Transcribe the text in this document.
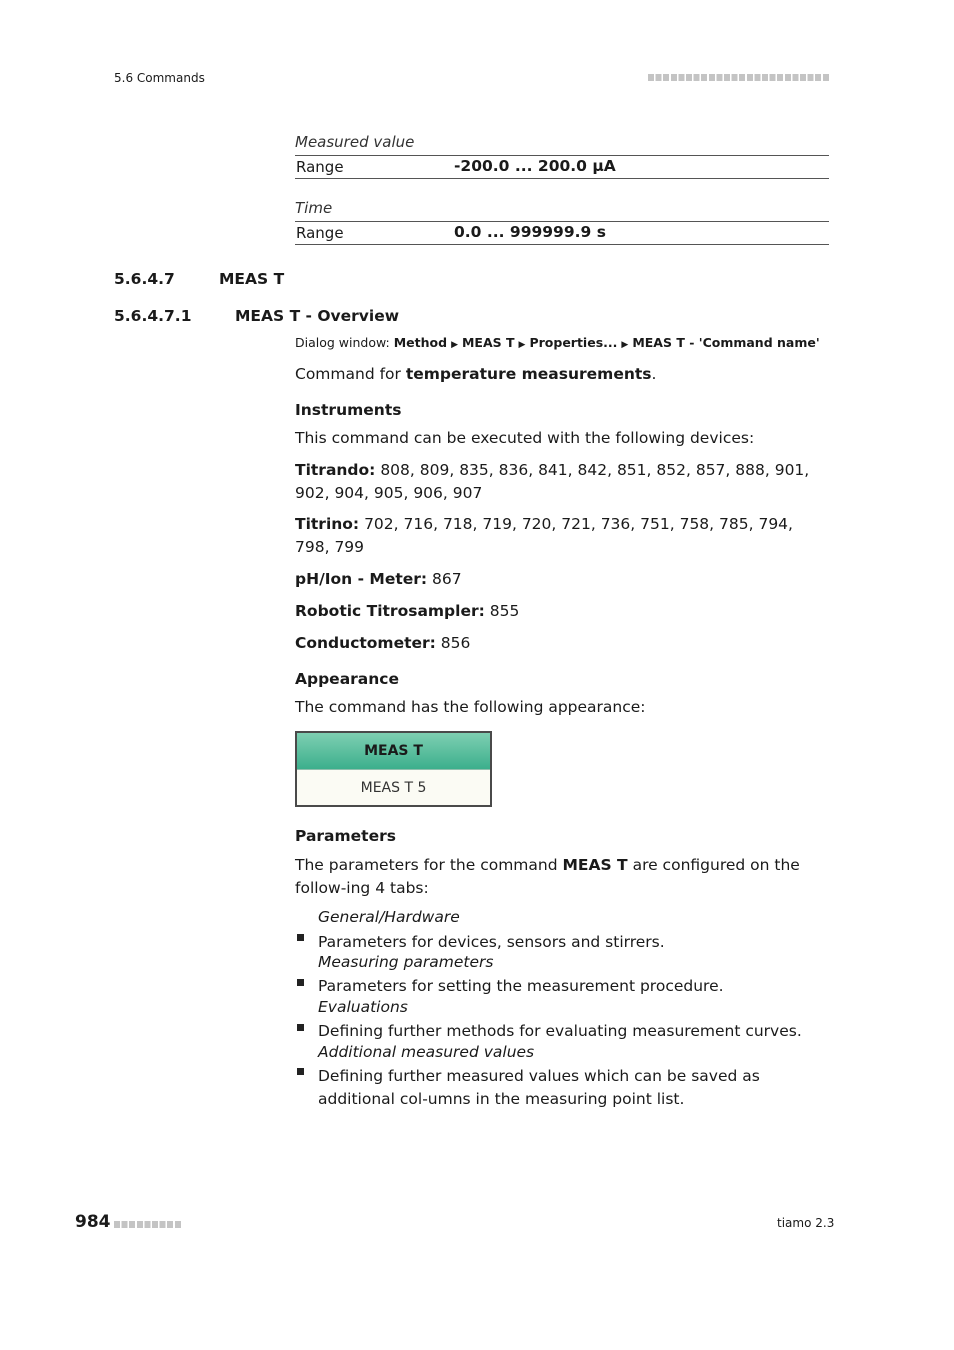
5.6 Commands
Measured value
Range	-200.0 ... 200.0 µA
Time
Range	0.0 ... 999999.9 s
5.6.4.7	MEAS T
5.6.4.7.1	MEAS T - Overview
Dialog window: Method ▶ MEAS T ▶ Properties... ▶ MEAS T - 'Command name'
Command for temperature measurements.
Instruments
This command can be executed with the following devices:
Titrando: 808, 809, 835, 836, 841, 842, 851, 852, 857, 888, 901, 902, 904, 905, 906, 907
Titrino: 702, 716, 718, 719, 720, 721, 736, 751, 758, 785, 794, 798, 799
pH/Ion - Meter: 867
Robotic Titrosampler: 855
Conductometer: 856
Appearance
The command has the following appearance:
MEAS T
MEAS T 5
Parameters
The parameters for the command MEAS T are configured on the follow-ing 4 tabs:
General/Hardware
Parameters for devices, sensors and stirrers.
Measuring parameters
Parameters for setting the measurement procedure.
Evaluations
Defining further methods for evaluating measurement curves.
Additional measured values
Defining further measured values which can be saved as additional col-umns in the measuring point list.
984	tiamo 2.3
